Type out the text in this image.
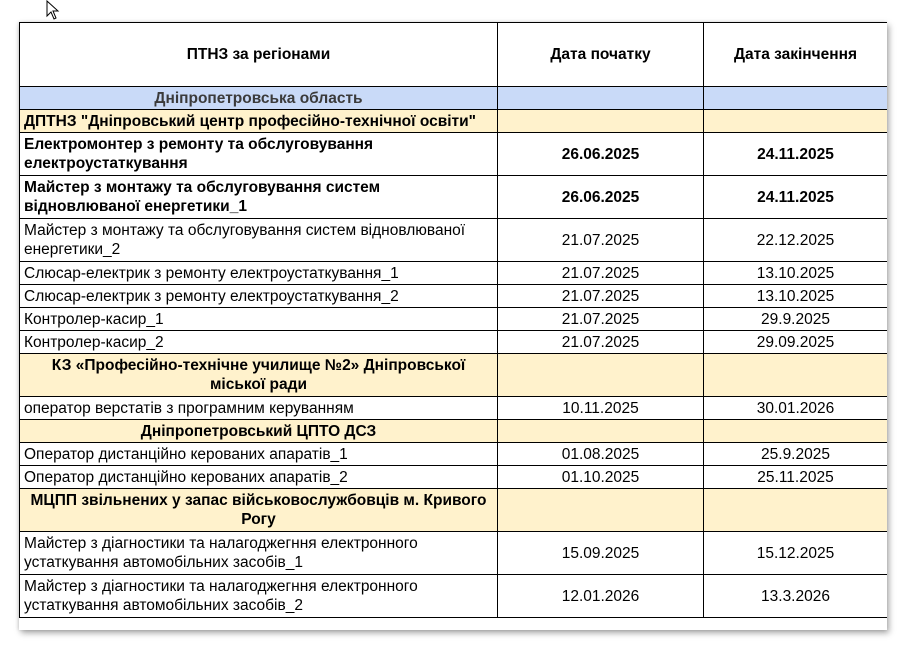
ПТНЗ за регіонами	Дата початку	Дата закінчення
Дніпропетровська область		
ДПТНЗ "Дніпровський центр професійно-технічної освіти"		
Електромонтер з ремонту та обслуговування електроустаткування	26.06.2025	24.11.2025
Майстер з монтажу та обслуговування систем відновлюваної енергетики_1	26.06.2025	24.11.2025
Майстер з монтажу та обслуговування систем відновлюваної енергетики_2	21.07.2025	22.12.2025
Слюсар-електрик з ремонту електроустаткування_1	21.07.2025	13.10.2025
Слюсар-електрик з ремонту електроустаткування_2	21.07.2025	13.10.2025
Контролер-касир_1	21.07.2025	29.9.2025
Контролер-касир_2	21.07.2025	29.09.2025
КЗ «Професійно-технічне училище №2» Дніпровської міської ради		
оператор верстатів з програмним керуванням	10.11.2025	30.01.2026
Дніпропетровський ЦПТО ДСЗ		
Оператор дистанційно керованих апаратів_1	01.08.2025	25.9.2025
Оператор дистанційно керованих апаратів_2	01.10.2025	25.11.2025
МЦПП звільнених у запас військовослужбовців м. Кривого Рогу		
Майстер з діагностики та налагоджегння електронного устаткування автомобільних засобів_1	15.09.2025	15.12.2025
Майстер з діагностики та налагоджегння електронного устаткування автомобільних засобів_2	12.01.2026	13.3.2026
